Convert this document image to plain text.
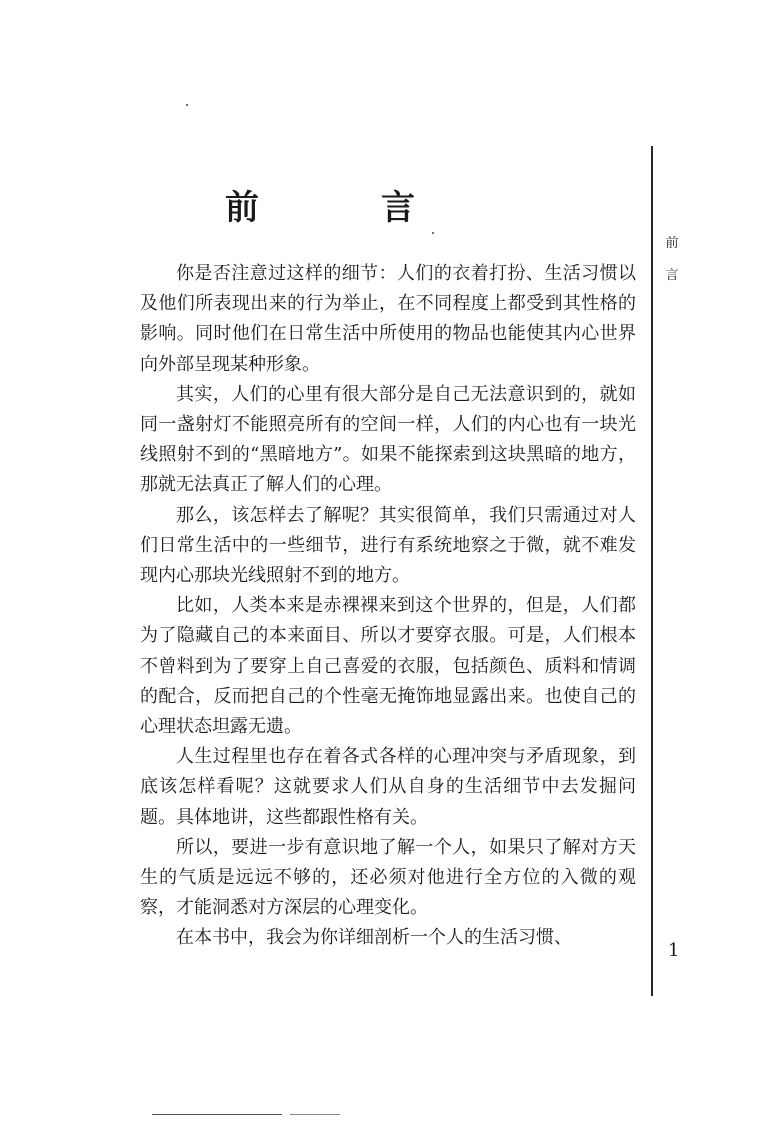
前　言

你是否注意过这样的细节：人们的衣着打扮、生活习惯以及他们所表现出来的行为举止，在不同程度上都受到其性格的影响。同时他们在日常生活中所使用的物品也能使其内心世界向外部呈现某种形象。

其实，人们的心里有很大部分是自己无法意识到的，就如同一盏射灯不能照亮所有的空间一样，人们的内心也有一块光线照射不到的“黑暗地方”。如果不能探索到这块黑暗的地方，那就无法真正了解人们的心理。

那么，该怎样去了解呢？其实很简单，我们只需通过对人们日常生活中的一些细节，进行有系统地察之于微，就不难发现内心那块光线照射不到的地方。

比如，人类本来是赤裸裸来到这个世界的，但是，人们都为了隐藏自己的本来面目、所以才要穿衣服。可是，人们根本不曾料到为了要穿上自己喜爱的衣服，包括颜色、质料和情调的配合，反而把自己的个性毫无掩饰地显露出来。也使自己的心理状态坦露无遗。

人生过程里也存在着各式各样的心理冲突与矛盾现象，到底该怎样看呢？这就要求人们从自身的生活细节中去发掘问题。具体地讲，这些都跟性格有关。

所以，要进一步有意识地了解一个人，如果只了解对方天生的气质是远远不够的，还必须对他进行全方位的入微的观察，才能洞悉对方深层的心理变化。

在本书中，我会为你详细剖析一个人的生活习惯、

前
言
1
